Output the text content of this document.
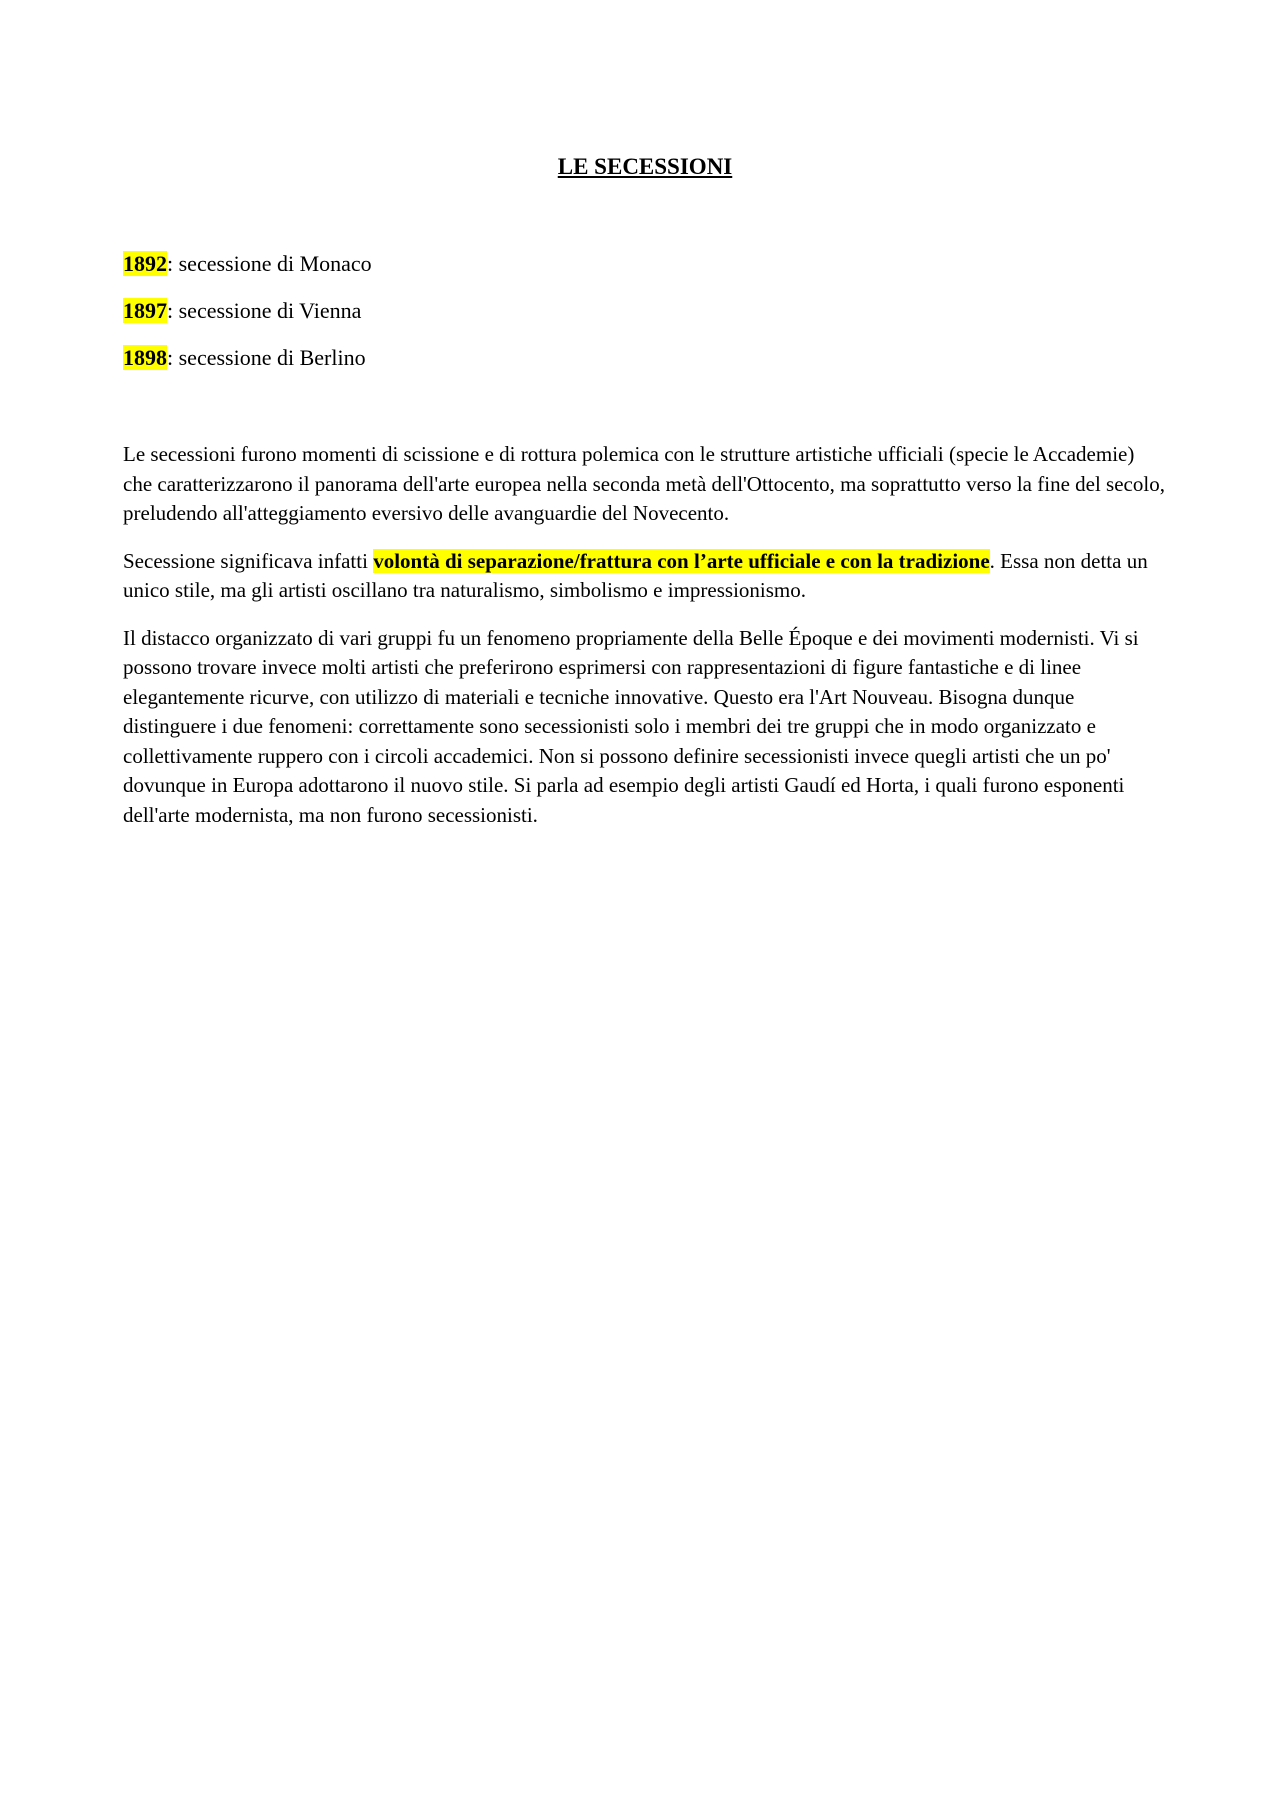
LE SECESSIONI
1892: secessione di Monaco
1897: secessione di Vienna
1898: secessione di Berlino

Le secessioni furono momenti di scissione e di rottura polemica con le strutture artistiche ufficiali (specie le Accademie) che caratterizzarono il panorama dell'arte europea nella seconda metà dell'Ottocento, ma soprattutto verso la fine del secolo, preludendo all'atteggiamento eversivo delle avanguardie del Novecento.

Secessione significava infatti volontà di separazione/frattura con l’arte ufficiale e con la tradizione. Essa non detta un unico stile, ma gli artisti oscillano tra naturalismo, simbolismo e impressionismo.

Il distacco organizzato di vari gruppi fu un fenomeno propriamente della Belle Époque e dei movimenti modernisti. Vi si possono trovare invece molti artisti che preferirono esprimersi con rappresentazioni di figure fantastiche e di linee elegantemente ricurve, con utilizzo di materiali e tecniche innovative. Questo era l'Art Nouveau. Bisogna dunque distinguere i due fenomeni: correttamente sono secessionisti solo i membri dei tre gruppi che in modo organizzato e collettivamente ruppero con i circoli accademici. Non si possono definire secessionisti invece quegli artisti che un po' dovunque in Europa adottarono il nuovo stile. Si parla ad esempio degli artisti Gaudí ed Horta, i quali furono esponenti dell'arte modernista, ma non furono secessionisti.
